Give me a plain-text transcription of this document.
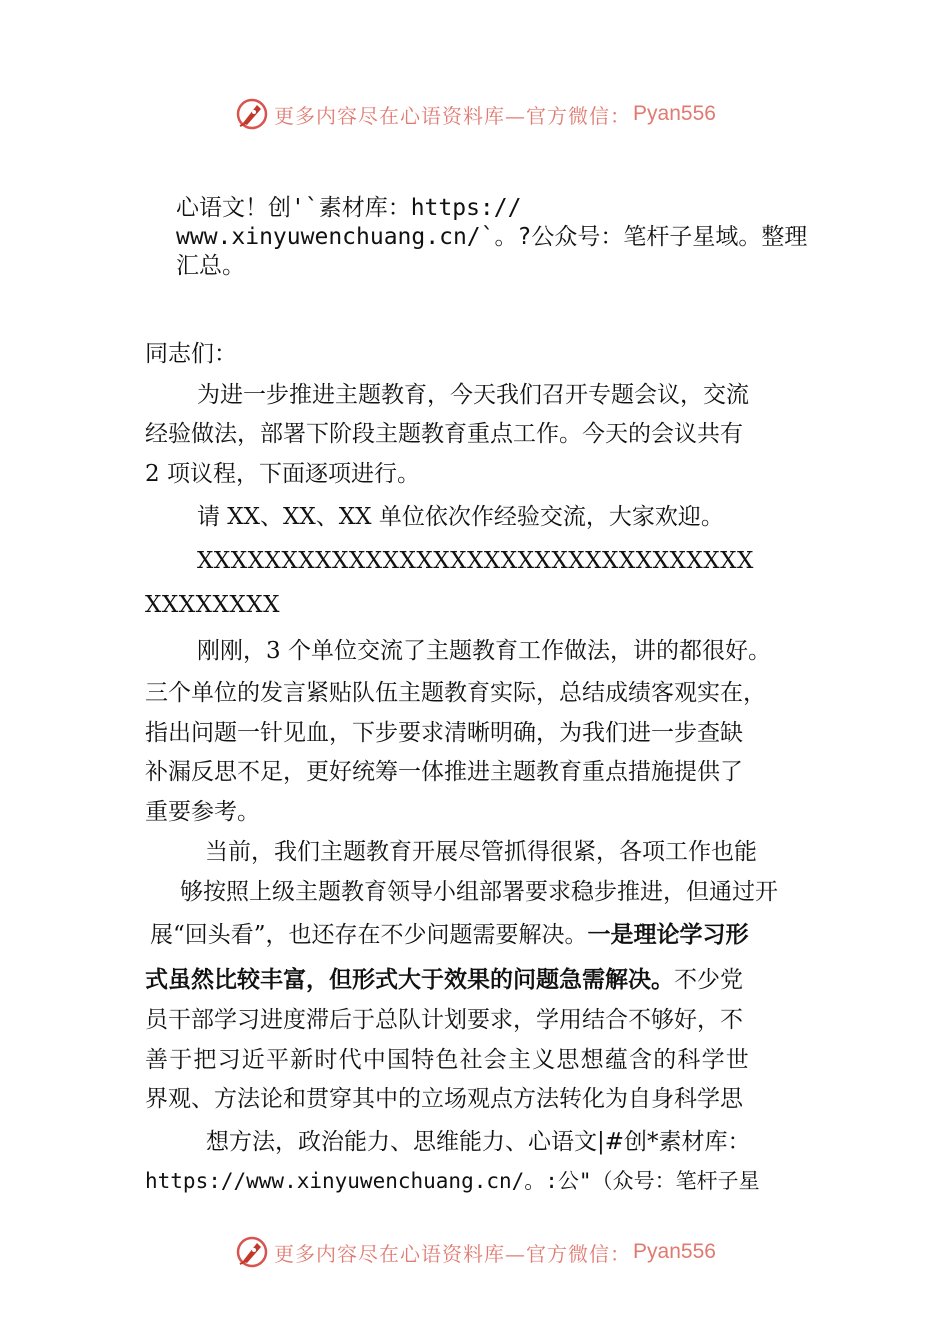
更多内容尽在心语资料库—官方微信： Pyan556
心语文！创'`素材库：https://
www.xinyuwenchuang.cn/`。?公众号：笔杆子星域。整理
汇总。
同志们：
为进一步推进主题教育，今天我们召开专题会议，交流
经验做法，部署下阶段主题教育重点工作。今天的会议共有
2 项议程，下面逐项进行。
请 XX、XX、XX 单位依次作经验交流，大家欢迎。
XXXXXXXXXXXXXXXXXXXXXXXXXXXXXXXXX
XXXXXXXX
刚刚，3 个单位交流了主题教育工作做法，讲的都很好。
三个单位的发言紧贴队伍主题教育实际，总结成绩客观实在，
指出问题一针见血，下步要求清晰明确，为我们进一步查缺
补漏反思不足，更好统筹一体推进主题教育重点措施提供了
重要参考。
当前，我们主题教育开展尽管抓得很紧，各项工作也能
够按照上级主题教育领导小组部署要求稳步推进，但通过开
展“回头看”，也还存在不少问题需要解决。一是理论学习形
式虽然比较丰富，但形式大于效果的问题急需解决。不少党
员干部学习进度滞后于总队计划要求，学用结合不够好，不
善于把习近平新时代中国特色社会主义思想蕴含的科学世
界观、方法论和贯穿其中的立场观点方法转化为自身科学思
想方法，政治能力、思维能力、心语文|#创*素材库：
https://www.xinyuwenchuang.cn/。:公"（众号：笔杆子星
更多内容尽在心语资料库—官方微信： Pyan556
